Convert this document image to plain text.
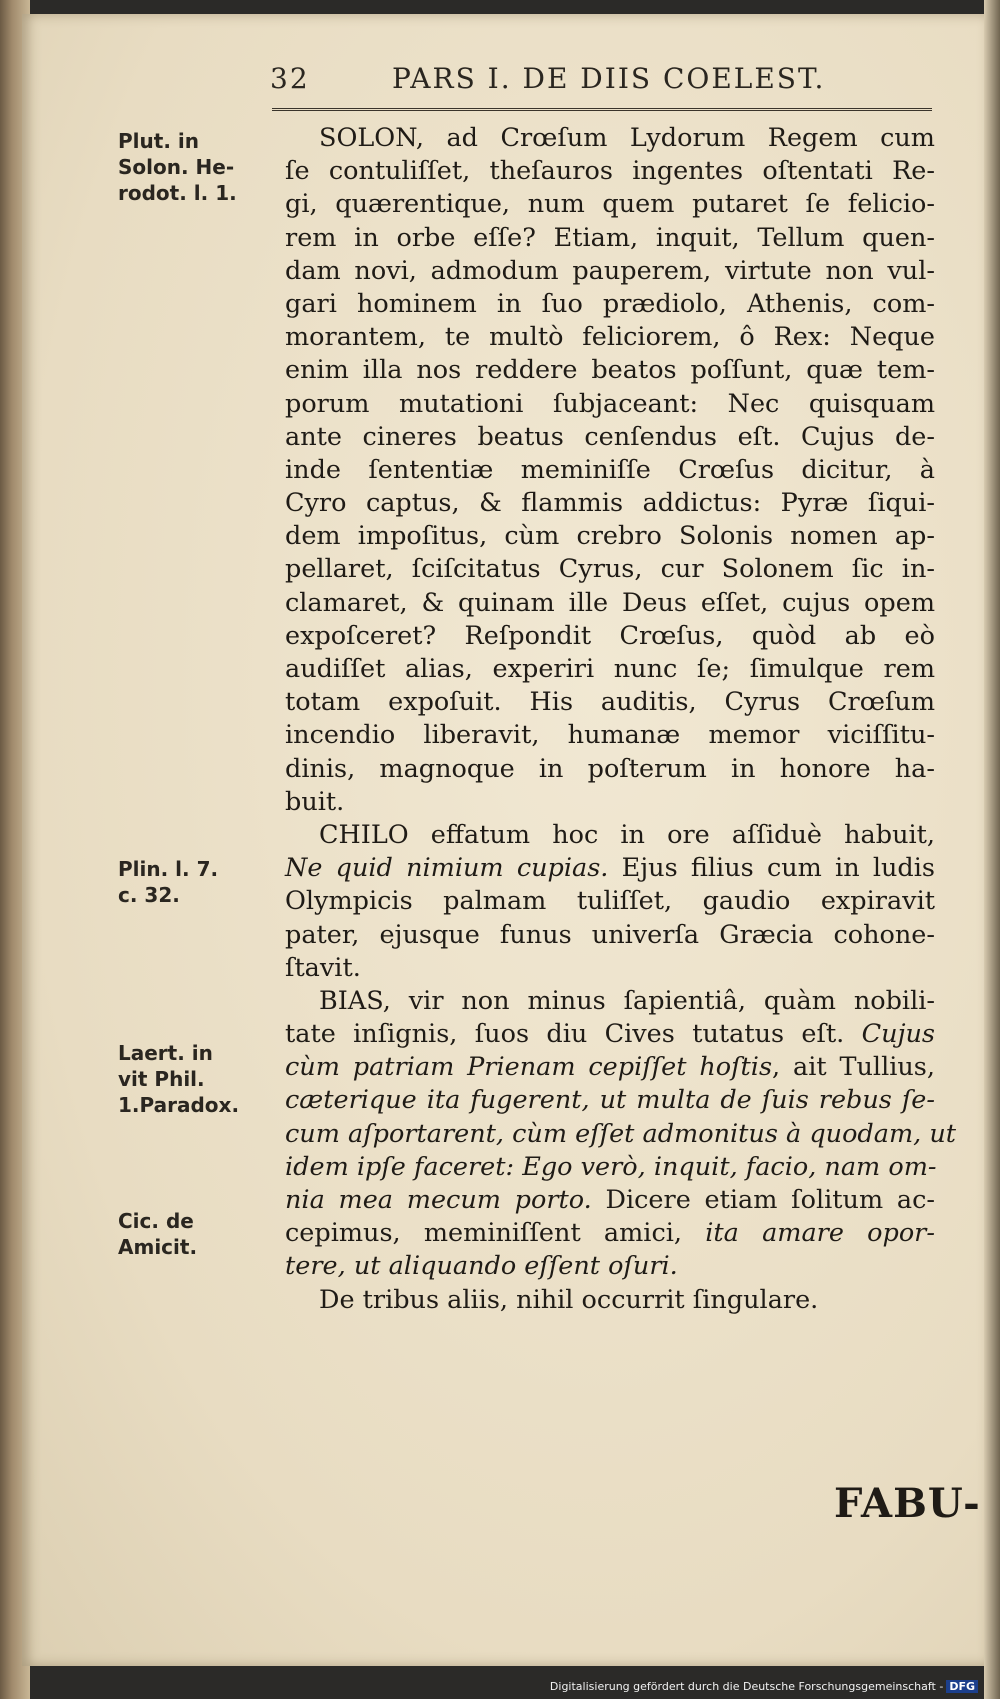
32	PARS I. DE DIIS COELEST.
Plut. in
Solon. He-
rodot. l. 1.
Plin. l. 7.
c. 32.
Laert. in
vit Phil.
1.Paradox.
Cic. de
Amicit.
SOLON, ad Crœſum Lydorum Regem cum
ſe contuliſſet, theſauros ingentes oſtentati Re-
gi, quærentique, num quem putaret ſe felicio-
rem in orbe eſſe? Etiam, inquit, Tellum quen-
dam novi, admodum pauperem, virtute non vul-
gari hominem in ſuo prædiolo, Athenis, com-
morantem, te multò feliciorem, ô Rex: Neque
enim illa nos reddere beatos poſſunt, quæ tem-
porum mutationi ſubjaceant: Nec quisquam
ante cineres beatus cenſendus eſt. Cujus de-
inde ſententiæ meminiſſe Crœſus dicitur, à
Cyro captus, & flammis addictus: Pyræ ſiqui-
dem impoſitus, cùm crebro Solonis nomen ap-
pellaret, ſciſcitatus Cyrus, cur Solonem ſic in-
clamaret, & quinam ille Deus eſſet, cujus opem
expoſceret? Reſpondit Crœſus, quòd ab eò
audiſſet alias, experiri nunc ſe; ſimulque rem
totam expoſuit. His auditis, Cyrus Crœſum
incendio liberavit, humanæ memor viciſſitu-
dinis, magnoque in poſterum in honore ha-
buit.
CHILO effatum hoc in ore aſſiduè habuit,
Ne quid nimium cupias. Ejus filius cum in ludis
Olympicis palmam tuliſſet, gaudio expiravit
pater, ejusque funus univerſa Græcia cohone-
ſtavit.
BIAS, vir non minus ſapientiâ, quàm nobili-
tate inſignis, ſuos diu Cives tutatus eſt. Cujus
cùm patriam Prienam cepiſſet hoſtis, ait Tullius,
cæterique ita fugerent, ut multa de ſuis rebus ſe-
cum aſportarent, cùm eſſet admonitus à quodam, ut
idem ipſe faceret: Ego verò, inquit, facio, nam om-
nia mea mecum porto. Dicere etiam ſolitum ac-
cepimus, meminiſſent amici, ita amare opor-
tere, ut aliquando eſſent oſuri.
De tribus aliis, nihil occurrit ſingulare.
FABU-
Digitalisierung gefördert durch die Deutsche Forschungsgemeinschaft - DFG
